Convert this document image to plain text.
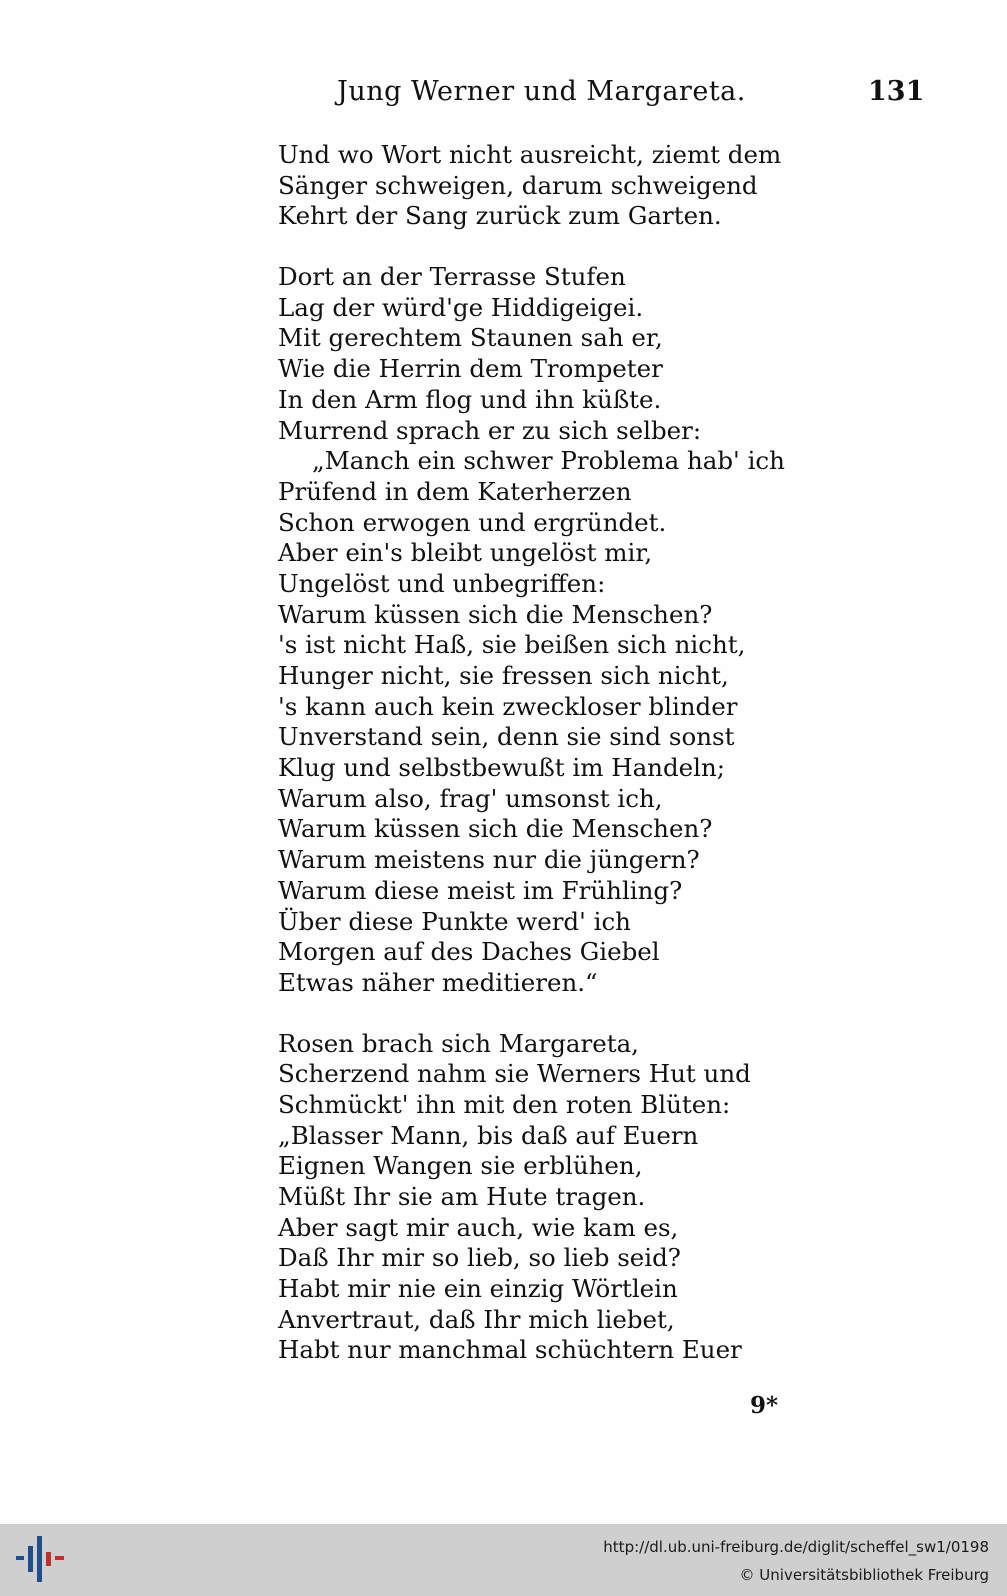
Jung Werner und Margareta.	131
Und wo Wort nicht ausreicht, ziemt dem
Sänger schweigen, darum schweigend
Kehrt der Sang zurück zum Garten.
Dort an der Terrasse Stufen
Lag der würd'ge Hiddigeigei.
Mit gerechtem Staunen sah er,
Wie die Herrin dem Trompeter
In den Arm flog und ihn küßte.
Murrend sprach er zu sich selber:
„Manch ein schwer Problema hab' ich
Prüfend in dem Katerherzen
Schon erwogen und ergründet.
Aber ein's bleibt ungelöst mir,
Ungelöst und unbegriffen:
Warum küssen sich die Menschen?
's ist nicht Haß, sie beißen sich nicht,
Hunger nicht, sie fressen sich nicht,
's kann auch kein zweckloser blinder
Unverstand sein, denn sie sind sonst
Klug und selbstbewußt im Handeln;
Warum also, frag' umsonst ich,
Warum küssen sich die Menschen?
Warum meistens nur die jüngern?
Warum diese meist im Frühling?
Über diese Punkte werd' ich
Morgen auf des Daches Giebel
Etwas näher meditieren.“
Rosen brach sich Margareta,
Scherzend nahm sie Werners Hut und
Schmückt' ihn mit den roten Blüten:
„Blasser Mann, bis daß auf Euern
Eignen Wangen sie erblühen,
Müßt Ihr sie am Hute tragen.
Aber sagt mir auch, wie kam es,
Daß Ihr mir so lieb, so lieb seid?
Habt mir nie ein einzig Wörtlein
Anvertraut, daß Ihr mich liebet,
Habt nur manchmal schüchtern Euer
9*
http://dl.ub.uni-freiburg.de/diglit/scheffel_sw1/0198
© Universitätsbibliothek Freiburg
